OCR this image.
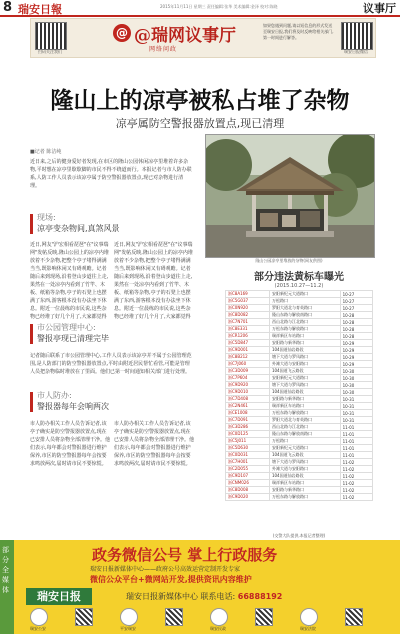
8 瑞安日報	2015年11月11日 星期三 责任编辑:张华 美术编辑:金泽 校对:陈晓	议事厅
扫码关注我们
@ @瑞网议事厅
网络问政
如果您遇到问题,请以短信息的形式发送至瑞安日报,我们将及时反映给相关部门,第一时间进行解答。
瑞安日报微信
隆山上的凉亭被私占堆了杂物
凉亭属防空警报器放置点,现已清理
■记者 陈洁纯
近日来,之后的健身爱好者发现,在市区的隆山公园休闲凉亭里堆着许多杂物,平时想在凉亭里歇歇脚的市民不得不绕道而行。本报记者与市人防办联系,人防工作人员表示该凉亭属于防空警报器放置点,现已对杂物进行清理。
隆山公园凉亭里堆放的杂物(网友供图)
现场:
凉亭变杂物间,真煞风景
近日,网友"沪宏相看琵琶"在"议事瑞网"发帖反映,隆山公园上的凉亭内堆放着不少杂物,把整个亭子堵得满满当当,既影响休闲又有碍观瞻。记者随后来到现场,沿着登山步道往上走,果然在一处凉亭内看到了竹竿、木板、纸箱等杂物,亭子的石凳上也摆满了东西,游客根本没有办法坐下休息。附近一位晨练的市民说,这些杂物已经堆了好几个月了,大家都觉得
近日,网友"沪宏相看琵琶"在"议事瑞网"发帖反映,隆山公园上的凉亭内堆放着不少杂物,把整个亭子堵得满满当当,既影响休闲又有碍观瞻。记者随后来到现场,沿着登山步道往上走,果然在一处凉亭内看到了竹竿、木板、纸箱等杂物,亭子的石凳上也摆满了东西,游客根本没有办法坐下休息。附近一位晨练的市民说,这些杂物已经堆了好几个月了,大家都觉得
市公园管理中心:
警报亭现已清理完毕
记者随后联系了市公园管理中心,工作人员表示该凉亭并不属于公园管理范围,是人防部门的防空警报器放置点,平时由附近居民帮忙看管,可能是管理人员把杂物临时堆放在了里面。他们已第一时间通知相关部门进行处理。
市人防办:
警报器每年会响两次
市人防办相关工作人员告诉记者,该亭子确实是防空警报器放置点,现在已安排人员将杂物全部清理干净。他们表示,每年都会对警报器进行维护保养,市区的防空警报器每年会按要求鸣放两次,届时请市民不要惊慌。
市人防办相关工作人员告诉记者,该亭子确实是防空警报器放置点,现在已安排人员将杂物全部清理干净。他们表示,每年都会对警报器进行维护保养,市区的防空警报器每年会按要求鸣放两次,届时请市民不要惊慌。
部分违法黄标车曝光
(2015.10.27—11.2)
浙C8A169	安阳新纪元大道路口	10-27
浙C5G037	万松路口	10-27
浙C0N920	罗阳大道北与育英路口	10-27
浙C8D082	隆山东路与解放南路口	10-28
浙C7N701	西山北路与江北路口	10-28
浙C8E331	万松东路与解放路口	10-28
浙CR1206	瑞祥新区车站路口	10-28
浙C5D847	安阳路与新华路口	10-29
浙C9D001	104国道仙岩路段	10-29
浙C8B212	塘下大道与罗凤路口	10-29
浙C7J060	外滩大道与安阳路口	10-29
浙C3D009	104国道飞云路段	10-30
浙C7P604	安阳新纪元大道路口	10-30
浙C9D920	塘下大道与罗凤路口	10-30
浙C9D010	104国道仙岩路段	10-30
浙C7D408	安阳路与新华路口	10-31
浙C2N461	瑞祥新区车站路口	10-31
浙CE1008	万松东路与解放路口	10-31
浙C7D091	罗阳大道北与育英路口	10-31
浙C3D286	西山北路与江北路口	11-01
浙C0D125	隆山东路与解放南路口	11-01
浙C5J011	万松路口	11-01
浙C5D630	安阳新纪元大道路口	11-01
浙C0D031	104国道飞云路段	11-01
浙C7H001	塘下大道与罗凤路口	11-02
浙C2D055	外滩大道与安阳路口	11-02
浙C9D107	104国道仙岩路段	11-02
浙CNM026	瑞祥新区车站路口	11-02
浙C8D008	安阳路与新华路口	11-02
浙C9D020	万松东路与解放路口	11-02
(交警大队提供,本报记者整理)
部
分
全
媒
体
政务微信公号 掌上行政服务
瑞安日报新媒体中心——政府公号高效运营定制开发专家
微信公众平台+微网站开发,提供资讯内容维护
瑞安日报	瑞安日报新媒体中心 联系电话: 66888192
瑞安公安	平安瑞安	瑞安民政	瑞安法院
